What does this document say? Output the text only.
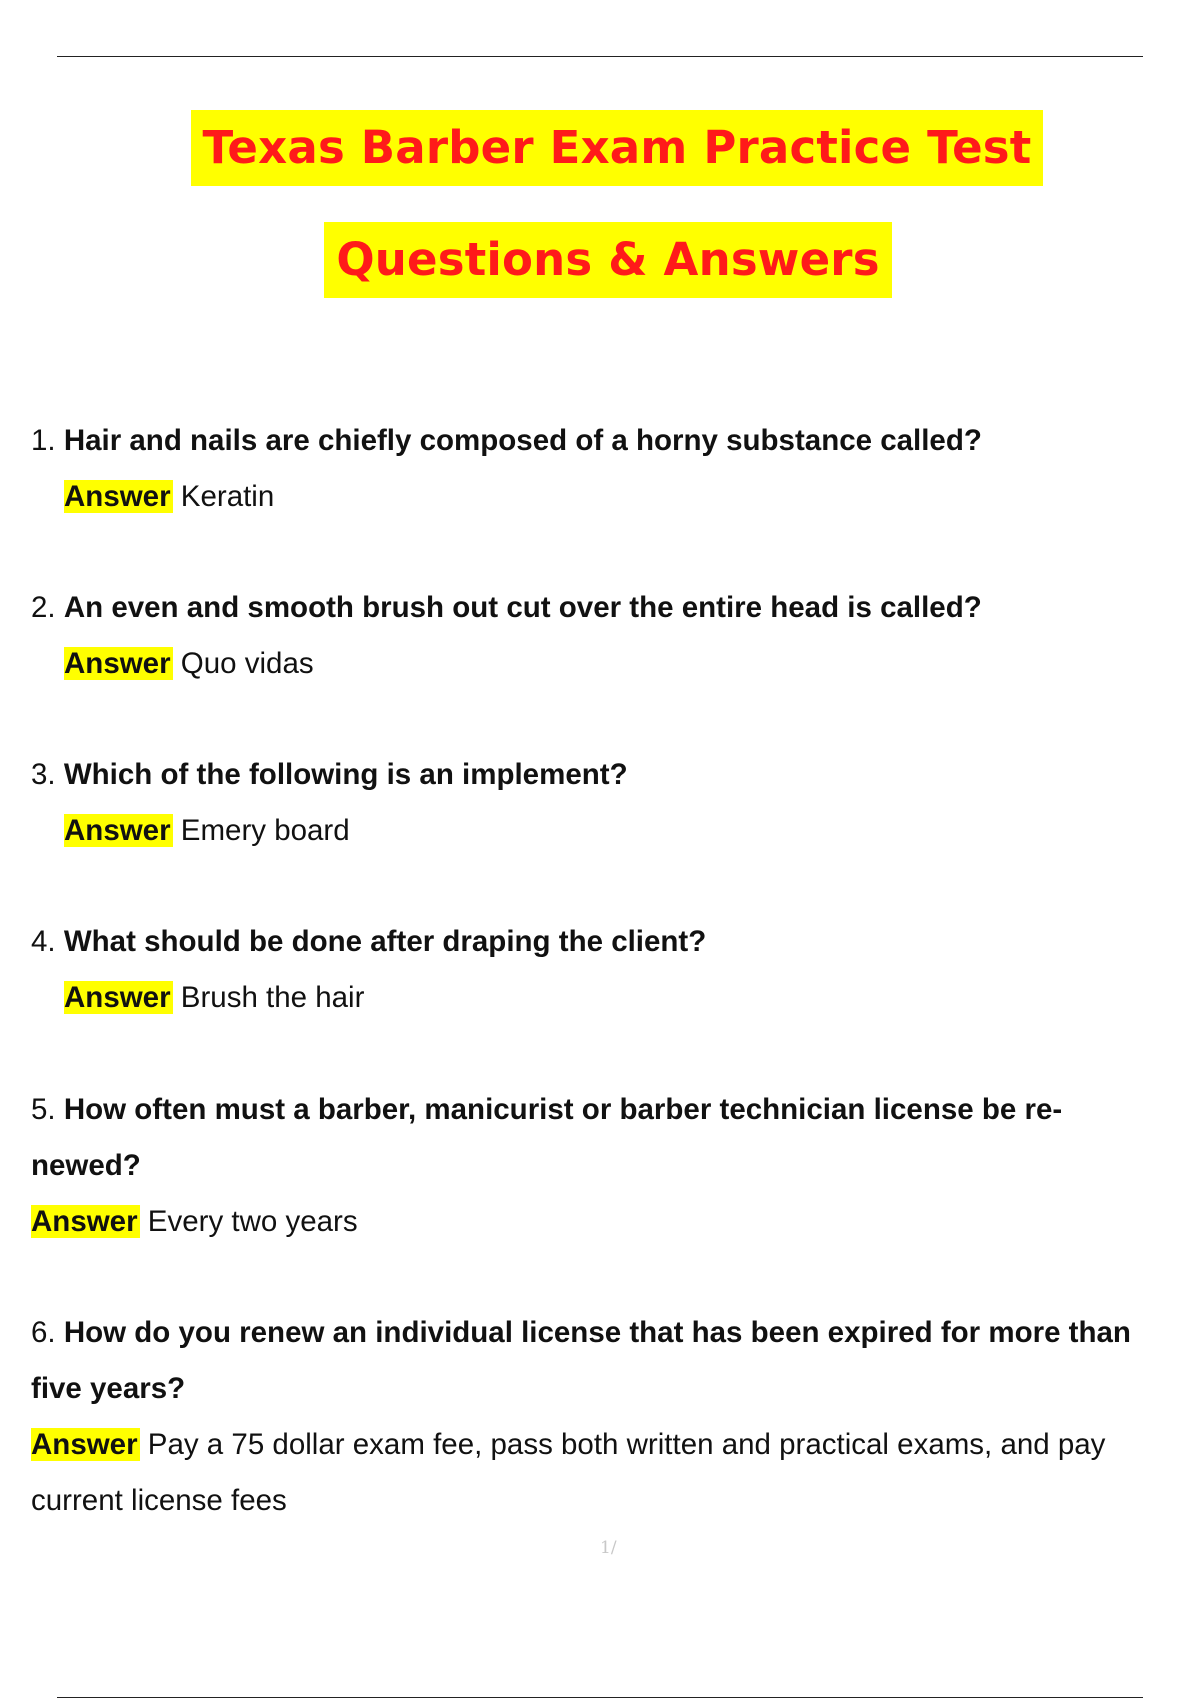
Texas Barber Exam Practice Test
Questions & Answers
1. Hair and nails are chiefly composed of a horny substance called?
Answer Keratin
2. An even and smooth brush out cut over the entire head is called?
Answer Quo vidas
3. Which of the following is an implement?
Answer Emery board
4. What should be done after draping the client?
Answer Brush the hair
5. How often must a barber, manicurist or barber technician license be re-
newed?
Answer Every two years
6. How do you renew an individual license that has been expired for more than
five years?
Answer Pay a 75 dollar exam fee, pass both written and practical exams, and pay
current license fees
1/
